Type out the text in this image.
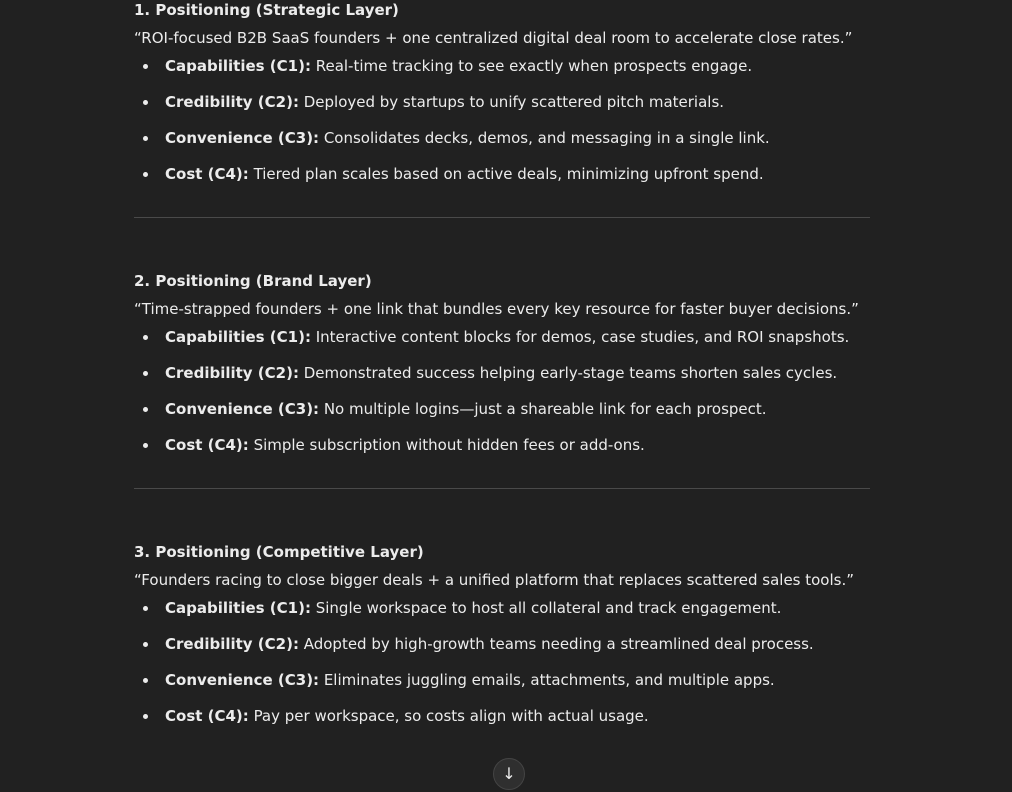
1. Positioning (Strategic Layer)

“ROI-focused B2B SaaS founders + one centralized digital deal room to accelerate close rates.”

Capabilities (C1): Real-time tracking to see exactly when prospects engage.
Credibility (C2): Deployed by startups to unify scattered pitch materials.
Convenience (C3): Consolidates decks, demos, and messaging in a single link.
Cost (C4): Tiered plan scales based on active deals, minimizing upfront spend.

2. Positioning (Brand Layer)

“Time-strapped founders + one link that bundles every key resource for faster buyer decisions.”

Capabilities (C1): Interactive content blocks for demos, case studies, and ROI snapshots.
Credibility (C2): Demonstrated success helping early-stage teams shorten sales cycles.
Convenience (C3): No multiple logins—just a shareable link for each prospect.
Cost (C4): Simple subscription without hidden fees or add-ons.

3. Positioning (Competitive Layer)

“Founders racing to close bigger deals + a unified platform that replaces scattered sales tools.”

Capabilities (C1): Single workspace to host all collateral and track engagement.
Credibility (C2): Adopted by high-growth teams needing a streamlined deal process.
Convenience (C3): Eliminates juggling emails, attachments, and multiple apps.
Cost (C4): Pay per workspace, so costs align with actual usage.
↓
